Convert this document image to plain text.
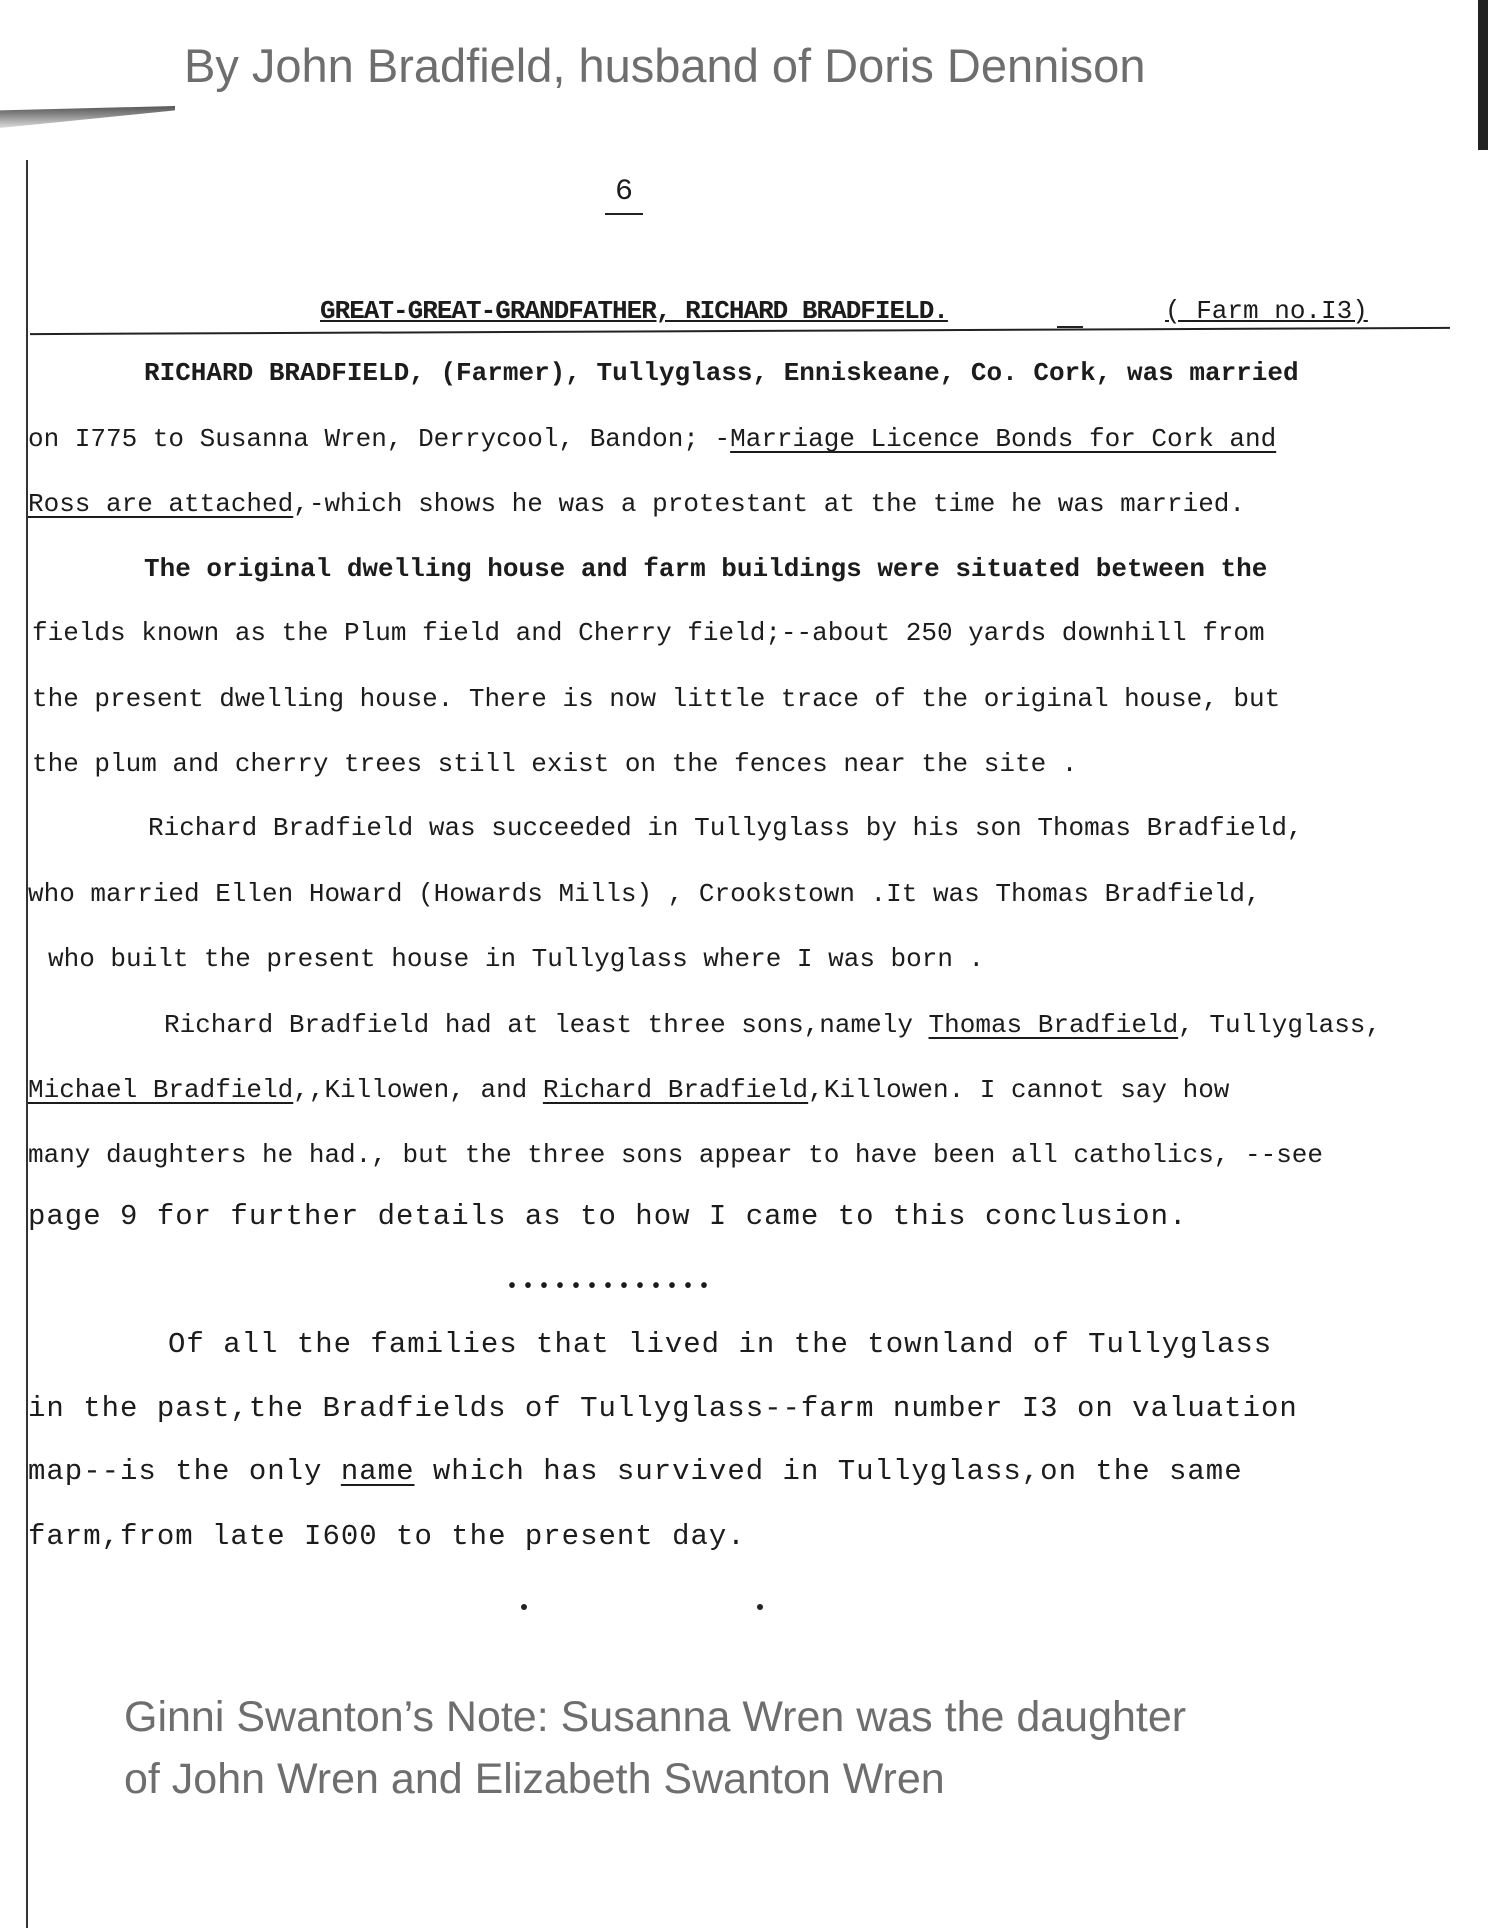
By John Bradfield, husband of Doris Dennison
6
GREAT-GREAT-GRANDFATHER, RICHARD BRADFIELD.	( Farm no.I3)
RICHARD BRADFIELD, (Farmer), Tullyglass, Enniskeane, Co. Cork, was married
on I775 to Susanna Wren, Derrycool, Bandon; -Marriage Licence Bonds for Cork and
Ross are attached,-which shows he was a protestant at the time he was married.
The original dwelling house and farm buildings were situated between the
fields known as the Plum field and Cherry field;--about 250 yards downhill from
the present dwelling house. There is now little trace of the original house, but
the plum and cherry trees still exist on the fences near the site .
Richard Bradfield was succeeded in Tullyglass by his son Thomas Bradfield,
who married Ellen Howard (Howards Mills) , Crookstown .It was Thomas Bradfield,
who built the present house in Tullyglass where I was born .
Richard Bradfield had at least three sons,namely Thomas Bradfield, Tullyglass,
Michael Bradfield,,Killowen, and Richard Bradfield,Killowen. I cannot say how
many daughters he had., but the three sons appear to have been all catholics, --see
page 9 for further details as to how I came to this conclusion.
•••••••••••••
Of all the families that lived in the townland of Tullyglass
in the past,the Bradfields of Tullyglass--farm number I3 on valuation
map--is the only name which has survived in Tullyglass,on the same
farm,from late I600 to the present day.
Ginni Swanton’s Note: Susanna Wren was the daughter
of John Wren and Elizabeth Swanton Wren
